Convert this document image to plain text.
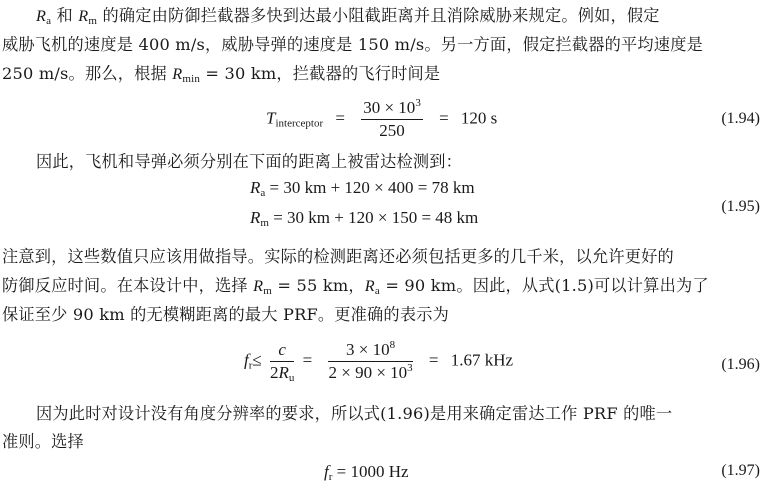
$R_a$ 和 $R_m$ 的确定由防御拦截器多快到达最小阻截距离并且消除威胁来规定。例如，假定
威胁飞机的速度是 400 m/s，威胁导弹的速度是 150 m/s。另一方面，假定拦截器的平均速度是
250 m/s。那么，根据 $R_{min} = 30$ km，拦截器的飞行时间是
$T_{interceptor} = \frac{30 \times 10^3}{250} = 120$ s	(1.94)
因此，飞机和导弹必须分别在下面的距离上被雷达检测到：
$R_a = 30$ km + 120 × 400 = 78 km
$R_m = 30$ km + 120 × 150 = 48 km
(1.95)
注意到，这些数值只应该用做指导。实际的检测距离还必须包括更多的几千米，以允许更好的
防御反应时间。在本设计中，选择 $R_m = 55$ km，$R_a = 90$ km。因此，从式(1.5)可以计算出为了
保证至少 90 km 的无模糊距离的最大 PRF。更准确的表示为
$f_r\le \frac{c}{2R_u} = \frac{3 \times 10^8}{2 \times 90 \times 10^3} = 1.67$ kHz	(1.96)
因为此时对设计没有角度分辨率的要求，所以式(1.96)是用来确定雷达工作 PRF 的唯一
准则。选择
$f_r = 1000$ Hz	(1.97)
